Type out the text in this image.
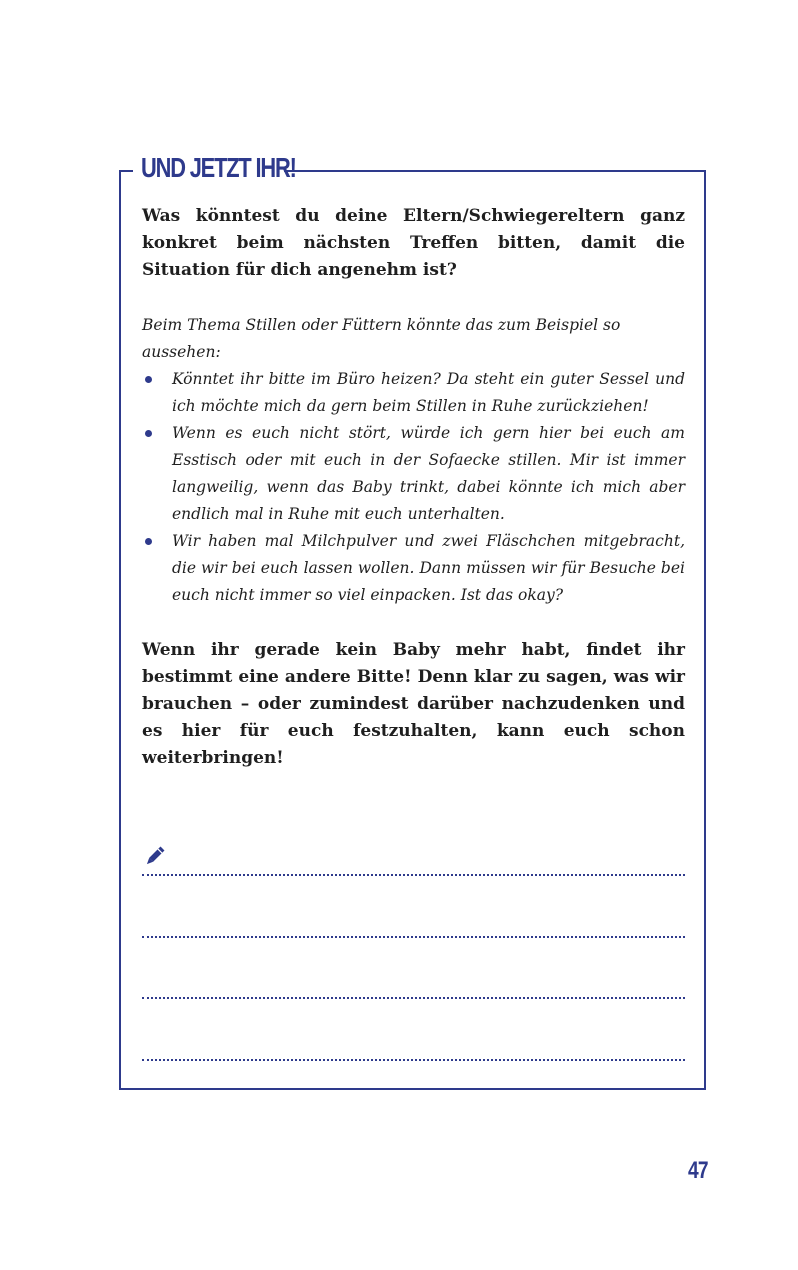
UND JETZT IHR!

Was könntest du deine Eltern/Schwiegereltern ganz konkret beim nächsten Treffen bitten, damit die Situation für dich angenehm ist?

Beim Thema Stillen oder Füttern könnte das zum Beispiel so aussehen:

Könntet ihr bitte im Büro heizen? Da steht ein guter Sessel und ich möchte mich da gern beim Stillen in Ruhe zurückziehen!
Wenn es euch nicht stört, würde ich gern hier bei euch am Esstisch oder mit euch in der Sofaecke stillen. Mir ist immer langweilig, wenn das Baby trinkt, dabei könnte ich mich aber endlich mal in Ruhe mit euch unterhalten.
Wir haben mal Milchpulver und zwei Fläschchen mitgebracht, die wir bei euch lassen wollen. Dann müssen wir für Besuche bei euch nicht immer so viel einpacken. Ist das okay?

Wenn ihr gerade kein Baby mehr habt, findet ihr bestimmt eine andere Bitte! Denn klar zu sagen, was wir brauchen – oder zumindest darüber nachzudenken und es hier für euch festzuhalten, kann euch schon weiterbringen!

47
